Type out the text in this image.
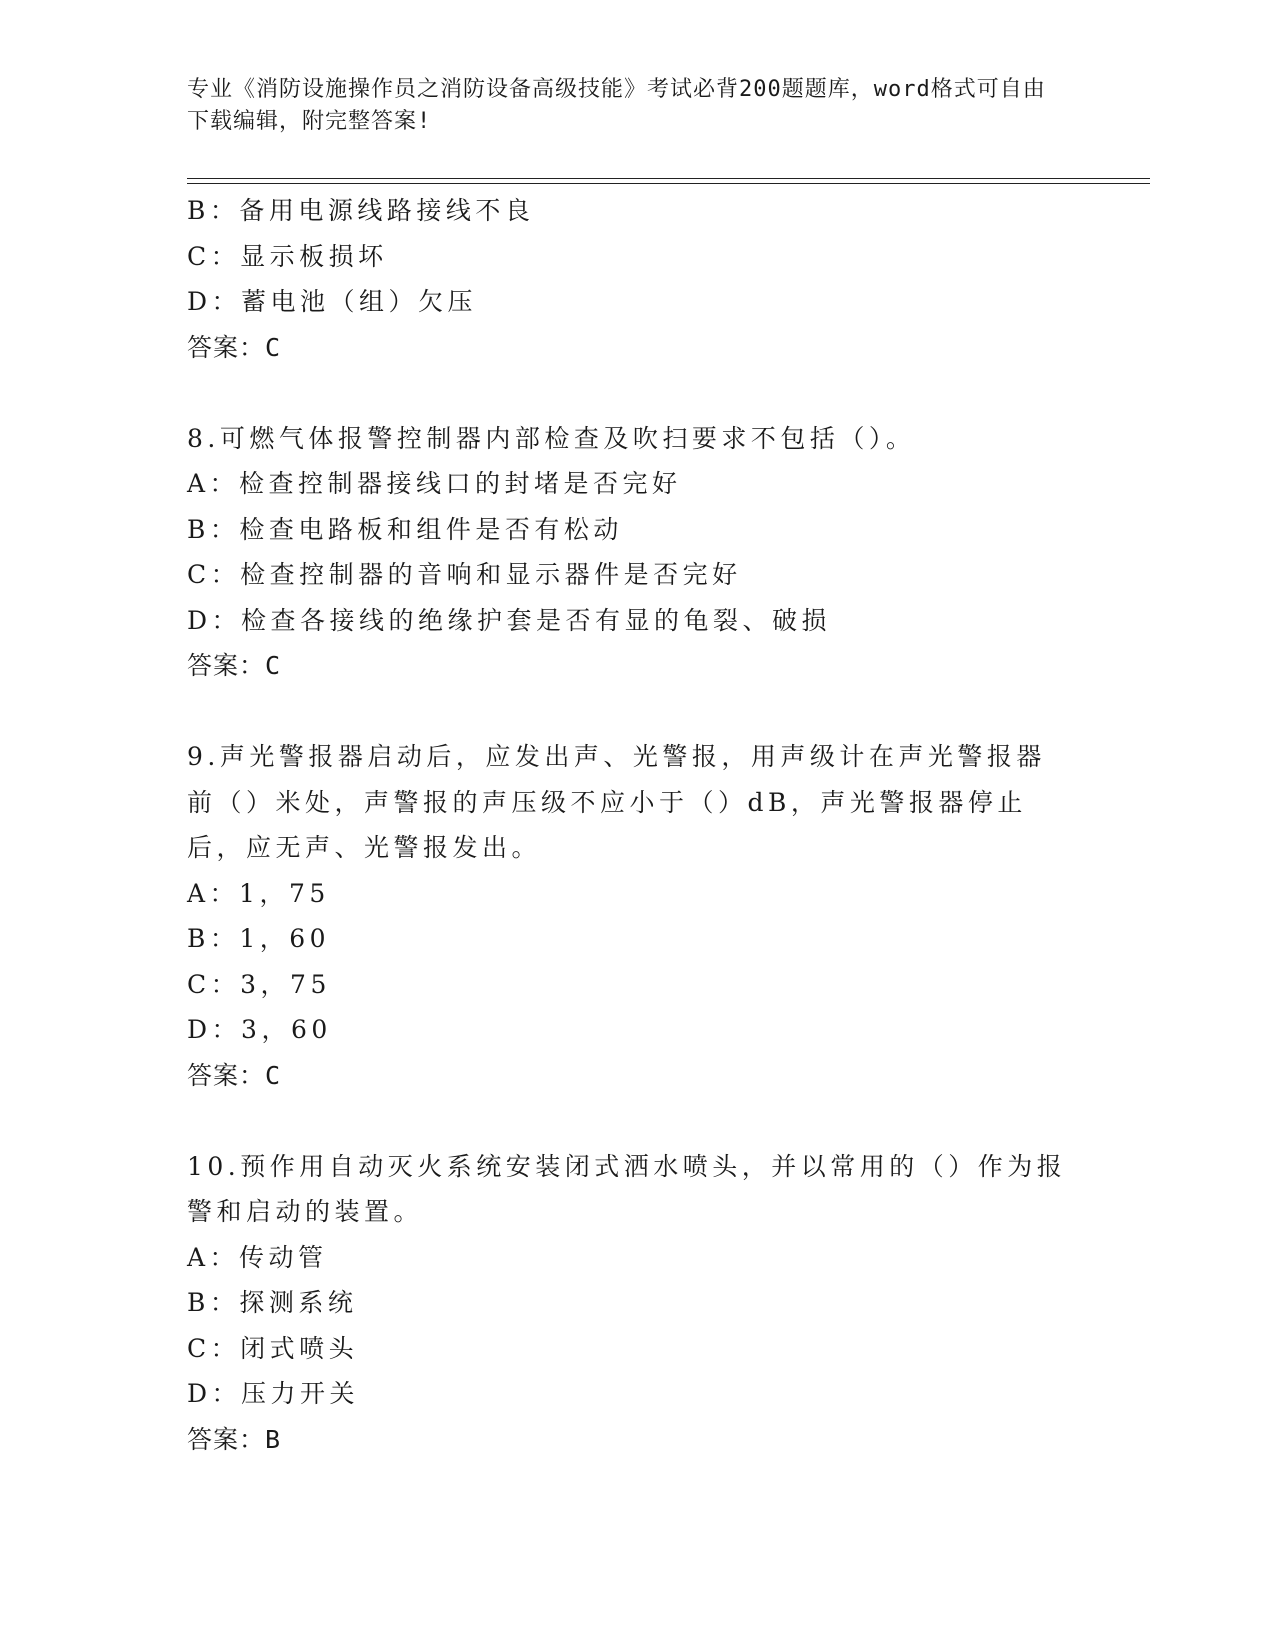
专业《消防设施操作员之消防设备高级技能》考试必背200题题库，word格式可自由下载编辑，附完整答案!
B：备用电源线路接线不良
C：显示板损坏
D：蓄电池（组）欠压
答案：C
8.可燃气体报警控制器内部检查及吹扫要求不包括（）。
A：检查控制器接线口的封堵是否完好
B：检查电路板和组件是否有松动
C：检查控制器的音响和显示器件是否完好
D：检查各接线的绝缘护套是否有显的龟裂、破损
答案：C
9.声光警报器启动后，应发出声、光警报，用声级计在声光警报器前（）米处，声警报的声压级不应小于（）dB，声光警报器停止后，应无声、光警报发出。
A：1，75
B：1，60
C：3，75
D：3，60
答案：C
10.预作用自动灭火系统安装闭式洒水喷头，并以常用的（）作为报警和启动的装置。
A：传动管
B：探测系统
C：闭式喷头
D：压力开关
答案：B
